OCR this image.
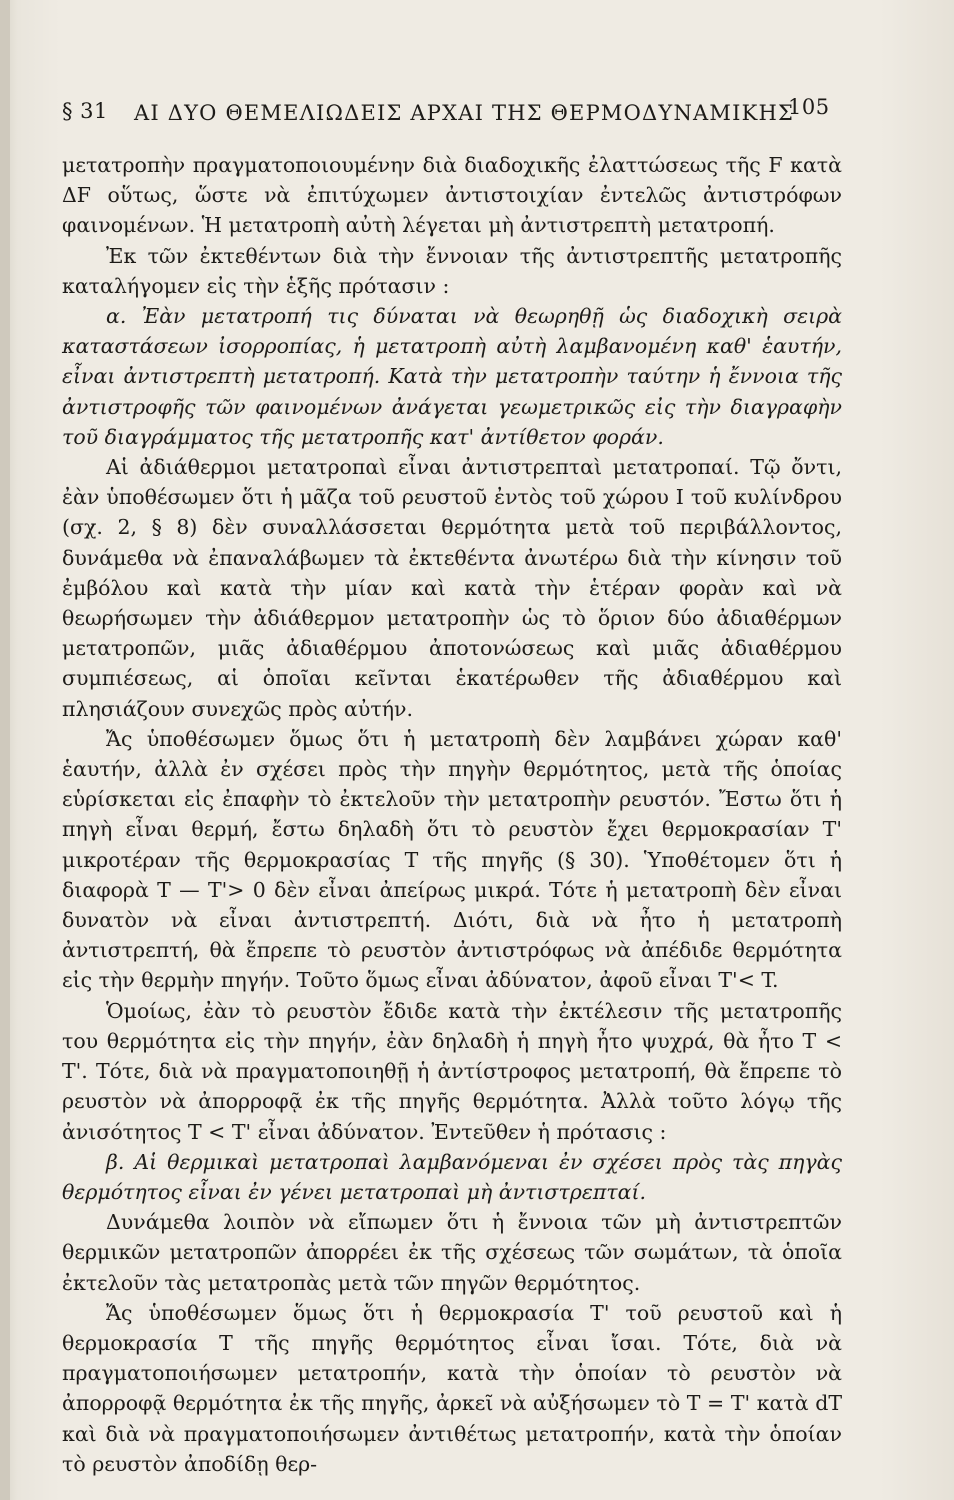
§ 31 ΑΙ ΔΥΟ ΘΕΜΕΛΙΩΔΕΙΣ ΑΡΧΑΙ ΤΗΣ ΘΕΡΜΟΔΥΝΑΜΙΚΗΣ
105

μετατροπὴν πραγματοποιουμένην διὰ διαδοχικῆς ἐλαττώσεως τῆς F κατὰ ΔF οὕτως, ὥστε νὰ ἐπιτύχωμεν ἀντιστοιχίαν ἐντελῶς ἀντιστρόφων φαινομένων. Ἡ μετατροπὴ αὐτὴ λέγεται μὴ ἀντιστρεπτὴ μετατροπή.

Ἐκ τῶν ἐκτεθέντων διὰ τὴν ἔννοιαν τῆς ἀντιστρεπτῆς μετατροπῆς καταλήγομεν εἰς τὴν ἑξῆς πρότασιν :

α. Ἐὰν μετατροπή τις δύναται νὰ θεωρηθῇ ὡς διαδοχικὴ σειρὰ καταστάσεων ἰσορροπίας, ἡ μετατροπὴ αὐτὴ λαμβανομένη καθ' ἑαυτήν, εἶναι ἀντιστρεπτὴ μετατροπή. Κατὰ τὴν μετατροπὴν ταύτην ἡ ἔννοια τῆς ἀντιστροφῆς τῶν φαινομένων ἀνάγεται γεωμετρικῶς εἰς τὴν διαγραφὴν τοῦ διαγράμματος τῆς μετατροπῆς κατ' ἀντίθετον φοράν.

Αἱ ἀδιάθερμοι μετατροπαὶ εἶναι ἀντιστρεπταὶ μετατροπαί. Τῷ ὄντι, ἐὰν ὑποθέσωμεν ὅτι ἡ μᾶζα τοῦ ρευστοῦ ἐντὸς τοῦ χώρου I τοῦ κυλίνδρου (σχ. 2, § 8) δὲν συναλλάσσεται θερμότητα μετὰ τοῦ περιβάλλοντος, δυνάμεθα νὰ ἐπαναλάβωμεν τὰ ἐκτεθέντα ἀνωτέρω διὰ τὴν κίνησιν τοῦ ἐμβόλου καὶ κατὰ τὴν μίαν καὶ κατὰ τὴν ἑτέραν φορὰν καὶ νὰ θεωρήσωμεν τὴν ἀδιάθερμον μετατροπὴν ὡς τὸ ὅριον δύο ἀδιαθέρμων μετατροπῶν, μιᾶς ἀδιαθέρμου ἀποτονώσεως καὶ μιᾶς ἀδιαθέρμου συμπιέσεως, αἱ ὁποῖαι κεῖνται ἑκατέρωθεν τῆς ἀδιαθέρμου καὶ πλησιάζουν συνεχῶς πρὸς αὐτήν.

Ἄς ὑποθέσωμεν ὅμως ὅτι ἡ μετατροπὴ δὲν λαμβάνει χώραν καθ' ἑαυτήν, ἀλλὰ ἐν σχέσει πρὸς τὴν πηγὴν θερμότητος, μετὰ τῆς ὁποίας εὑρίσκεται εἰς ἐπαφὴν τὸ ἐκτελοῦν τὴν μετατροπὴν ρευστόν. Ἔστω ὅτι ἡ πηγὴ εἶναι θερμή, ἔστω δηλαδὴ ὅτι τὸ ρευστὸν ἔχει θερμοκρασίαν T' μικροτέραν τῆς θερμοκρασίας T τῆς πηγῆς (§ 30). Ὑποθέτομεν ὅτι ἡ διαφορὰ T — T'> 0 δὲν εἶναι ἀπείρως μικρά. Τότε ἡ μετατροπὴ δὲν εἶναι δυνατὸν νὰ εἶναι ἀντιστρεπτή. Διότι, διὰ νὰ ἦτο ἡ μετατροπὴ ἀντιστρεπτή, θὰ ἔπρεπε τὸ ρευστὸν ἀντιστρόφως νὰ ἀπέδιδε θερμότητα εἰς τὴν θερμὴν πηγήν. Τοῦτο ὅμως εἶναι ἀδύνατον, ἀφοῦ εἶναι T'< T.

Ὁμοίως, ἐὰν τὸ ρευστὸν ἔδιδε κατὰ τὴν ἐκτέλεσιν τῆς μετατροπῆς του θερμότητα εἰς τὴν πηγήν, ἐὰν δηλαδὴ ἡ πηγὴ ἦτο ψυχρά, θὰ ἦτο T < T'. Τότε, διὰ νὰ πραγματοποιηθῇ ἡ ἀντίστροφος μετατροπή, θὰ ἔπρεπε τὸ ρευστὸν νὰ ἀπορροφᾷ ἐκ τῆς πηγῆς θερμότητα. Ἀλλὰ τοῦτο λόγῳ τῆς ἀνισότητος T < T' εἶναι ἀδύνατον. Ἐντεῦθεν ἡ πρότασις :

β. Αἱ θερμικαὶ μετατροπαὶ λαμβανόμεναι ἐν σχέσει πρὸς τὰς πηγὰς θερμότητος εἶναι ἐν γένει μετατροπαὶ μὴ ἀντιστρεπταί.

Δυνάμεθα λοιπὸν νὰ εἴπωμεν ὅτι ἡ ἔννοια τῶν μὴ ἀντιστρεπτῶν θερμικῶν μετατροπῶν ἀπορρέει ἐκ τῆς σχέσεως τῶν σωμάτων, τὰ ὁποῖα ἐκτελοῦν τὰς μετατροπὰς μετὰ τῶν πηγῶν θερμότητος.

Ἄς ὑποθέσωμεν ὅμως ὅτι ἡ θερμοκρασία T' τοῦ ρευστοῦ καὶ ἡ θερμοκρασία T τῆς πηγῆς θερμότητος εἶναι ἴσαι. Τότε, διὰ νὰ πραγματοποιήσωμεν μετατροπήν, κατὰ τὴν ὁποίαν τὸ ρευστὸν νὰ ἀπορροφᾷ θερμότητα ἐκ τῆς πηγῆς, ἀρκεῖ νὰ αὐξήσωμεν τὸ T = T' κατὰ dT καὶ διὰ νὰ πραγματοποιήσωμεν ἀντιθέτως μετατροπήν, κατὰ τὴν ὁποίαν τὸ ρευστὸν ἀποδίδῃ θερ-
